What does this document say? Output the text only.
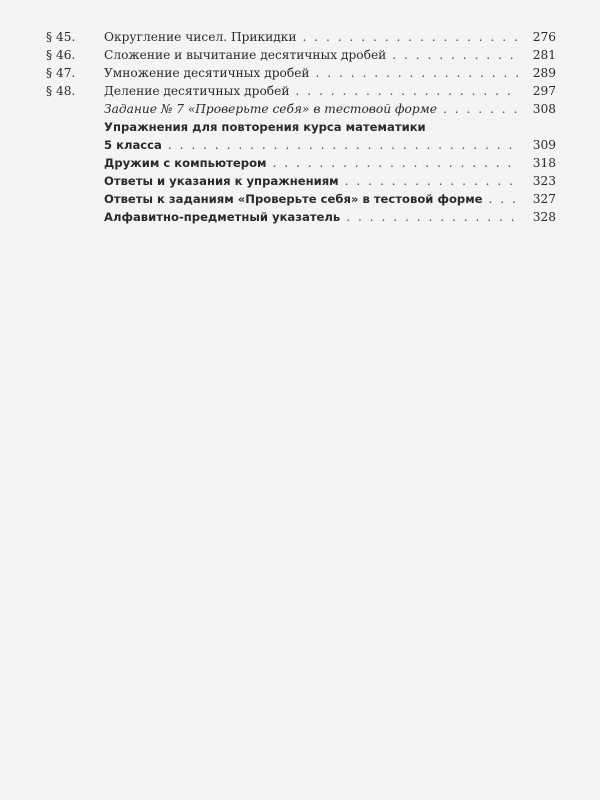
§ 45.	Округление чисел. Прикидки . . .	276
§ 46.	Сложение и вычитание десятичных дробей . . .	281
§ 47.	Умножение десятичных дробей . . .	289
§ 48.	Деление десятичных дробей . . .	297
Задание № 7 «Проверьте себя» в тестовой форме . . .	308
Упражнения для повторения курса математики
5 класса . . .	309
Дружим с компьютером . . .	318
Ответы и указания к упражнениям . . .	323
Ответы к заданиям «Проверьте себя» в тестовой форме . . .	327
Алфавитно-предметный указатель . . .	328
